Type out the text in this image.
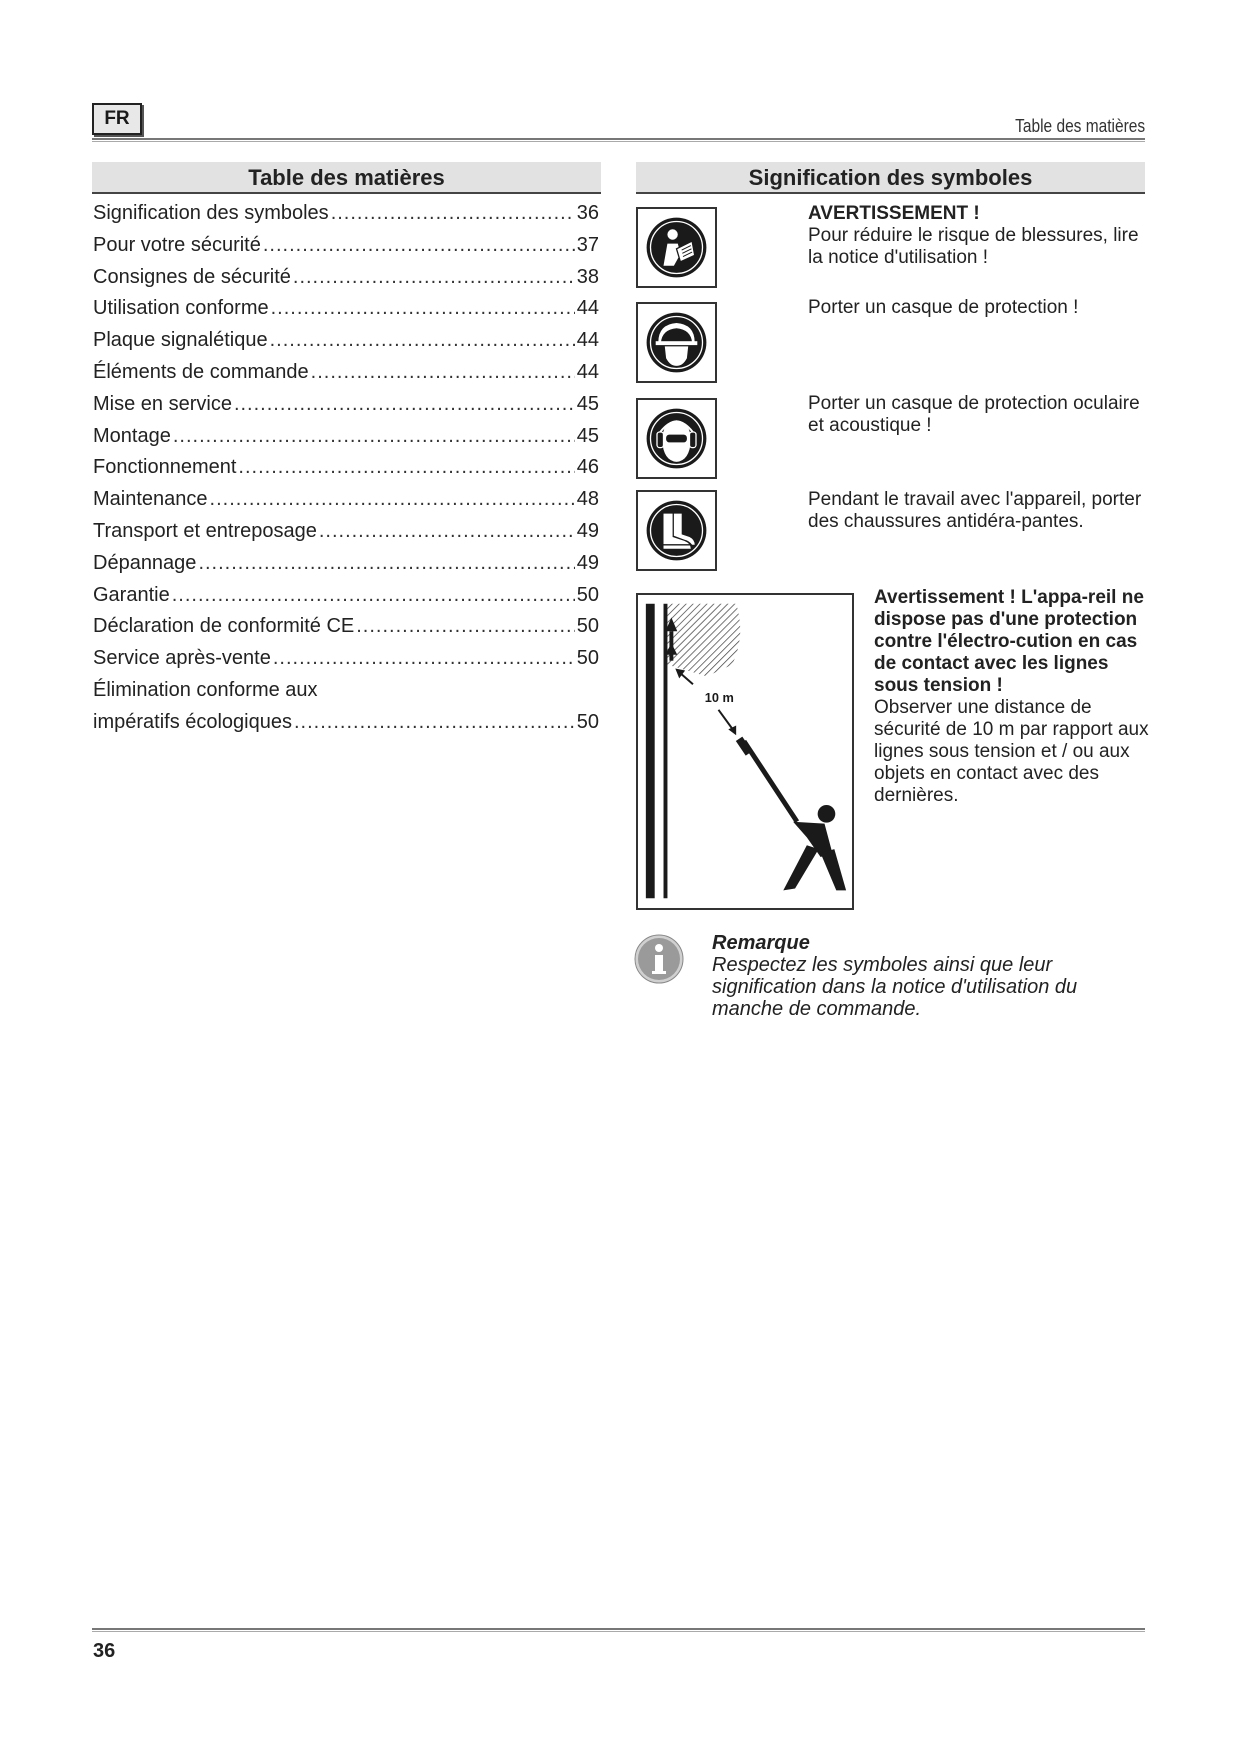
FR	Table des matières
Table des matières	Signification des symboles
Signification des symboles .....	36
Pour votre sécurité .....	37
Consignes de sécurité .....	38
Utilisation conforme .....	44
Plaque signalétique .....	44
Éléments de commande .....	44
Mise en service .....	45
Montage .....	45
Fonctionnement .....	46
Maintenance .....	48
Transport et entreposage .....	49
Dépannage .....	49
Garantie .....	50
Déclaration de conformité CE .....	50
Service après-vente .....	50
Élimination conforme aux
impératifs écologiques .....	50
AVERTISSEMENT !
Pour réduire le risque de blessures, lire la notice d'utilisation !
Porter un casque de protection !
Porter un casque de protection oculaire et acoustique !
Pendant le travail avec l'appareil, porter des chaussures antidéra-pantes.
10 m
Avertissement ! L'appa-reil ne dispose pas d'une protection contre l'électro-cution en cas de contact avec les lignes sous tension !
Observer une distance de sécurité de 10 m par rapport aux lignes sous tension et / ou aux objets en contact avec des dernières.
Remarque
Respectez les symboles ainsi que leur signification dans la notice d'utilisation du manche de commande.
36
